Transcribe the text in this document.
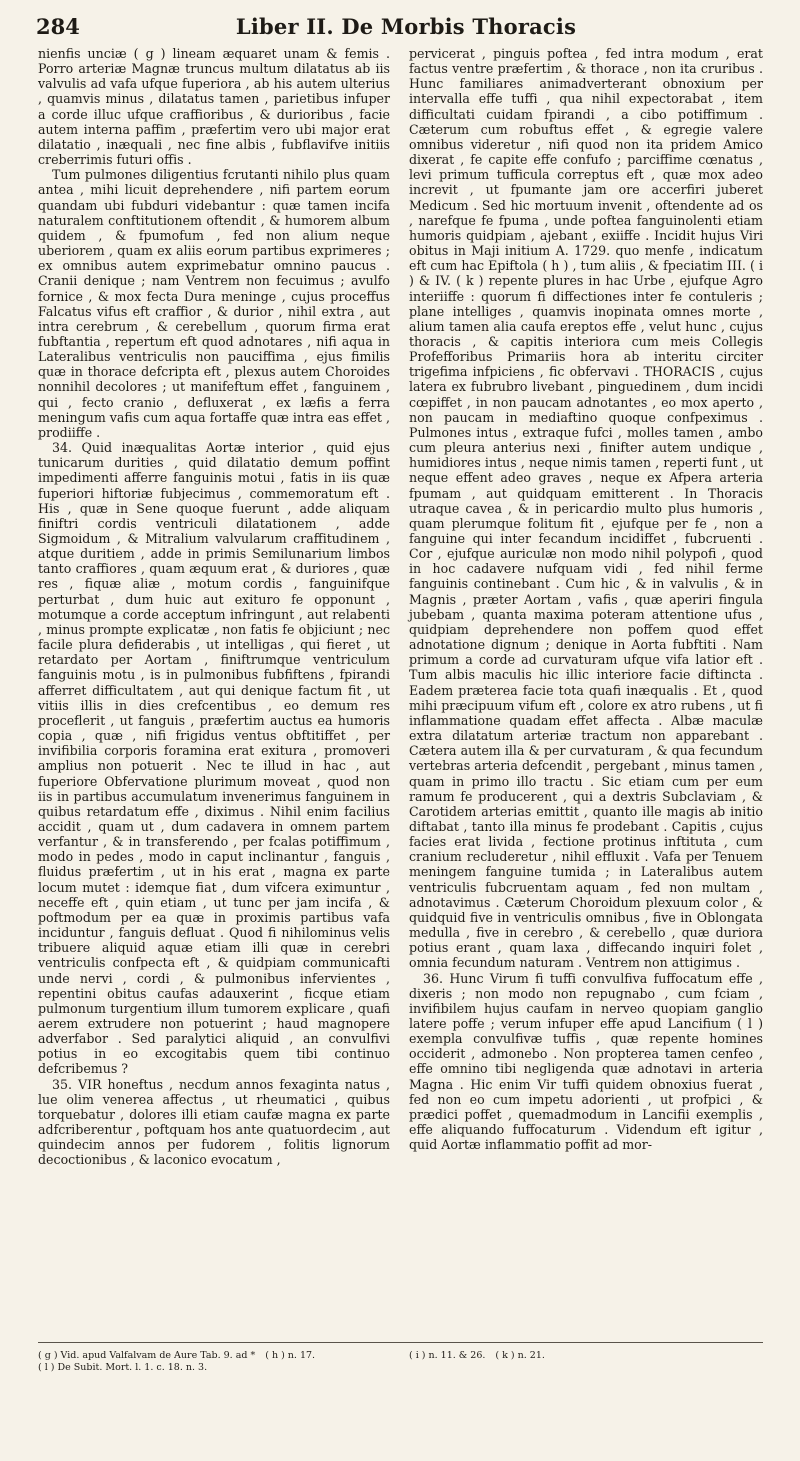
284	Liber II. De Morbis Thoracis

nienfis unciæ ( g ) lineam æquaret unam & femis . Porro arteriæ Magnæ truncus multum dilatatus ab iis valvulis ad vafa ufque fuperiora , ab his autem ulterius , quamvis minus , dilatatus tamen , parietibus infuper a corde illuc ufque craffioribus , & durioribus , facie autem interna paffim , præfertim vero ubi major erat dilatatio , inæquali , nec fine albis , fubflavifve initiis creberrimis futuri offis .

Tum pulmones diligentius fcrutanti nihilo plus quam antea , mihi licuit deprehendere , nifi partem eorum quandam ubi fubduri videbantur : quæ tamen incifa naturalem conftitutionem oftendit , & humorem album quidem , & fpumofum , fed non alium neque uberiorem , quam ex aliis eorum partibus exprimeres ; ex omnibus autem exprimebatur omnino paucus . Cranii denique ; nam Ventrem non fecuimus ; avulfo fornice , & mox fecta Dura meninge , cujus proceffus Falcatus vifus eft craffior , & durior , nihil extra , aut intra cerebrum , & cerebellum , quorum firma erat fubftantia , repertum eft quod adnotares , nifi aqua in Lateralibus ventriculis non pauciffima , ejus fimilis quæ in thorace defcripta eft , plexus autem Choroides nonnihil decolores ; ut manifeftum effet , fanguinem , qui , fecto cranio , defluxerat , ex læfis a ferra meningum vafis cum aqua fortaffe quæ intra eas effet , prodiiffe .

34. Quid inæqualitas Aortæ interior , quid ejus tunicarum durities , quid dilatatio demum poffint impedimenti afferre fanguinis motui , fatis in iis quæ fuperiori hiftoriæ fubjecimus , commemoratum eft . His , quæ in Sene quoque fuerunt , adde aliquam finiftri cordis ventriculi dilatationem , adde Sigmoidum , & Mitralium valvularum craffitudinem , atque duritiem , adde in primis Semilunarium limbos tanto craffiores , quam æquum erat , & duriores , quæ res , fiquæ aliæ , motum cordis , fanguinifque perturbat , dum huic aut exituro fe opponunt , motumque a corde acceptum infringunt , aut relabenti , minus prompte explicatæ , non fatis fe objiciunt ; nec facile plura defiderabis , ut intelligas , qui fieret , ut retardato per Aortam , finiftrumque ventriculum fanguinis motu , is in pulmonibus fubfiftens , fpirandi afferret difficultatem , aut qui denique factum fit , ut vitiis illis in dies crefcentibus , eo demum res proceflerit , ut fanguis , præfertim auctus ea humoris copia , quæ , nifi frigidus ventus obftitiffet , per invifibilia corporis foramina erat exitura , promoveri amplius non potuerit . Nec te illud in hac , aut fuperiore Obfervatione plurimum moveat , quod non iis in partibus accumulatum invenerimus fanguinem in quibus retardatum effe , diximus . Nihil enim facilius accidit , quam ut , dum cadavera in omnem partem verfantur , & in transferendo , per fcalas potiffimum , modo in pedes , modo in caput inclinantur , fanguis , fluidus præfertim , ut in his erat , magna ex parte locum mutet : idemque fiat , dum vifcera eximuntur , neceffe eft , quin etiam , ut tunc per jam incifa , & poftmodum per ea quæ in proximis partibus vafa inciduntur , fanguis defluat . Quod fi nihilominus velis tribuere aliquid aquæ etiam illi quæ in cerebri ventriculis confpecta eft , & quidpiam communicafti unde nervi , cordi , & pulmonibus infervientes , repentini obitus caufas adauxerint , ficque etiam pulmonum turgentium illum tumorem explicare , quafi aerem extrudere non potuerint ; haud magnopere adverfabor . Sed paralytici aliquid , an convulfivi potius in eo excogitabis quem tibi continuo defcribemus ?

35. VIR honeftus , necdum annos fexaginta natus , lue olim venerea affectus , ut rheumatici , quibus torquebatur , dolores illi etiam caufæ magna ex parte adfcriberentur , poftquam hos ante quatuordecim , aut quindecim annos per fudorem , folitis lignorum decoctionibus , & laconico evocatum ,

pervicerat , pinguis poftea , fed intra modum , erat factus ventre præfertim , & thorace , non ita cruribus . Hunc familiares animadverterant obnoxium per intervalla effe tuffi , qua nihil expectorabat , item difficultati cuidam fpirandi , a cibo potiffimum . Cæterum cum robuftus effet , & egregie valere omnibus videretur , nifi quod non ita pridem Amico dixerat , fe capite effe confufo ; parciffime cœnatus , levi primum tufficula correptus eft , quæ mox adeo increvit , ut fpumante jam ore accerfiri juberet Medicum . Sed hic mortuum invenit , oftendente ad os , narefque fe fpuma , unde poftea fanguinolenti etiam humoris quidpiam , ajebant , exiiffe . Incidit hujus Viri obitus in Maji initium A. 1729. quo menfe , indicatum eft cum hac Epiftola ( h ) , tum aliis , & fpeciatim III. ( i ) & IV. ( k ) repente plures in hac Urbe , ejufque Agro interiiffe : quorum fi diffectiones inter fe contuleris ; plane intelliges , quamvis inopinata omnes morte , alium tamen alia caufa ereptos effe , velut hunc , cujus thoracis , & capitis interiora cum meis Collegis Profefforibus Primariis hora ab interitu circiter trigefima infpiciens , fic obfervavi . THORACIS , cujus latera ex fubrubro livebant , pinguedinem , dum incidi cœpiffet , in non paucam adnotantes , eo mox aperto , non paucam in mediaftino quoque confpeximus . Pulmones intus , extraque fufci , molles tamen , ambo cum pleura anterius nexi , finifter autem undique , humidiores intus , neque nimis tamen , reperti funt , ut neque effent adeo graves , neque ex Afpera arteria fpumam , aut quidquam emitterent . In Thoracis utraque cavea , & in pericardio multo plus humoris , quam plerumque folitum fit , ejufque per fe , non a fanguine qui inter fecandum incidiffet , fubcruenti . Cor , ejufque auriculæ non modo nihil polypofi , quod in hoc cadavere nufquam vidi , fed nihil ferme fanguinis continebant . Cum hic , & in valvulis , & in Magnis , præter Aortam , vafis , quæ aperiri fingula jubebam , quanta maxima poteram attentione ufus , quidpiam deprehendere non poffem quod effet adnotatione dignum ; denique in Aorta fubftiti . Nam primum a corde ad curvaturam ufque vifa latior eft . Tum albis maculis hic illic interiore facie diftincta . Eadem præterea facie tota quafi inæqualis . Et , quod mihi præcipuum vifum eft , colore ex atro rubens , ut fi inflammatione quadam effet affecta . Albæ maculæ extra dilatatum arteriæ tractum non apparebant . Cætera autem illa & per curvaturam , & qua fecundum vertebras arteria defcendit , pergebant , minus tamen , quam in primo illo tractu . Sic etiam cum per eum ramum fe producerent , qui a dextris Subclaviam , & Carotidem arterias emittit , quanto ille magis ab initio diftabat , tanto illa minus fe prodebant . Capitis , cujus facies erat livida , fectione protinus inftituta , cum cranium recluderetur , nihil effluxit . Vafa per Tenuem meningem fanguine tumida ; in Lateralibus autem ventriculis fubcruentam aquam , fed non multam , adnotavimus . Cæterum Choroidum plexuum color , & quidquid five in ventriculis omnibus , five in Oblongata medulla , five in cerebro , & cerebello , quæ duriora potius erant , quam laxa , diffecando inquiri folet , omnia fecundum naturam . Ventrem non attigimus .

36. Hunc Virum fi tuffi convulfiva fuffocatum effe , dixeris ; non modo non repugnabo , cum fciam , invifibilem hujus caufam in nerveo quopiam ganglio latere poffe ; verum infuper effe apud Lancifium ( l ) exempla convulfivæ tuffis , quæ repente homines occiderit , admonebo . Non propterea tamen cenfeo , effe omnino tibi negligenda quæ adnotavi in arteria Magna . Hic enim Vir tuffi quidem obnoxius fuerat , fed non eo cum impetu adorienti , ut profpici , & prædici poffet , quemadmodum in Lancifii exemplis , effe aliquando fuffocaturum . Videndum eft igitur , quid Aortæ inflammatio poffit ad mor-

( g ) Vid. apud Valfalvam de Aure Tab. 9. ad * ( h ) n. 17.
( l ) De Subit. Mort. l. 1. c. 18. n. 3.
( i ) n. 11. & 26. ( k ) n. 21.
